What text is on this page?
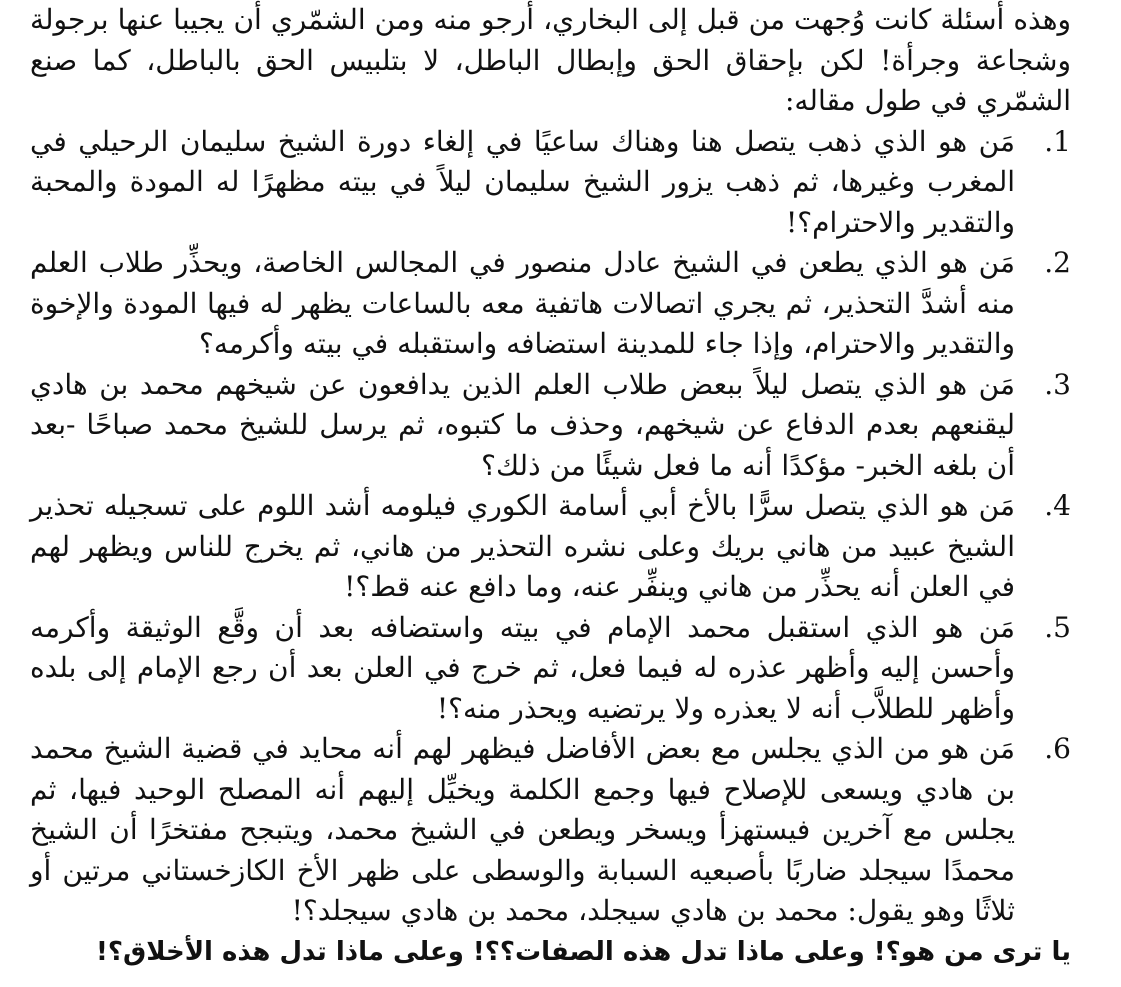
وهذه أسئلة كانت وُجهت من قبل إلى البخاري، أرجو منه ومن الشمّري أن يجيبا عنها برجولة وشجاعة وجرأة! لكن بإحقاق الحق وإبطال الباطل، لا بتلبيس الحق بالباطل، كما صنع الشمّري في طول مقاله:

1.
مَن هو الذي ذهب يتصل هنا وهناك ساعيًا في إلغاء دورة الشيخ سليمان الرحيلي في المغرب وغيرها، ثم ذهب يزور الشيخ سليمان ليلاً في بيته مظهرًا له المودة والمحبة والتقدير والاحترام؟!
2.
مَن هو الذي يطعن في الشيخ عادل منصور في المجالس الخاصة، ويحذِّر طلاب العلم منه أشدَّ التحذير، ثم يجري اتصالات هاتفية معه بالساعات يظهر له فيها المودة والإخوة والتقدير والاحترام، وإذا جاء للمدينة استضافه واستقبله في بيته وأكرمه؟
3.
مَن هو الذي يتصل ليلاً ببعض طلاب العلم الذين يدافعون عن شيخهم محمد بن هادي ليقنعهم بعدم الدفاع عن شيخهم، وحذف ما كتبوه، ثم يرسل للشيخ محمد صباحًا -بعد أن بلغه الخبر- مؤكدًا أنه ما فعل شيئًا من ذلك؟
4.
مَن هو الذي يتصل سرًّا بالأخ أبي أسامة الكوري فيلومه أشد اللوم على تسجيله تحذير الشيخ عبيد من هاني بريك وعلى نشره التحذير من هاني، ثم يخرج للناس ويظهر لهم في العلن أنه يحذِّر من هاني وينفِّر عنه، وما دافع عنه قط؟!
5.
مَن هو الذي استقبل محمد الإمام في بيته واستضافه بعد أن وقَّع الوثيقة وأكرمه وأحسن إليه وأظهر عذره له فيما فعل، ثم خرج في العلن بعد أن رجع الإمام إلى بلده وأظهر للطلاَّب أنه لا يعذره ولا يرتضيه ويحذر منه؟!
6.
مَن هو من الذي يجلس مع بعض الأفاضل فيظهر لهم أنه محايد في قضية الشيخ محمد بن هادي ويسعى للإصلاح فيها وجمع الكلمة ويخيِّل إليهم أنه المصلح الوحيد فيها، ثم يجلس مع آخرين فيستهزأ ويسخر ويطعن في الشيخ محمد، ويتبجح مفتخرًا أن الشيخ محمدًا سيجلد ضاربًا بأصبعيه السبابة والوسطى على ظهر الأخ الكازخستاني مرتين أو ثلاثًا وهو يقول: محمد بن هادي سيجلد، محمد بن هادي سيجلد؟!

يا ترى من هو؟! وعلى ماذا تدل هذه الصفات؟؟! وعلى ماذا تدل هذه الأخلاق؟!
